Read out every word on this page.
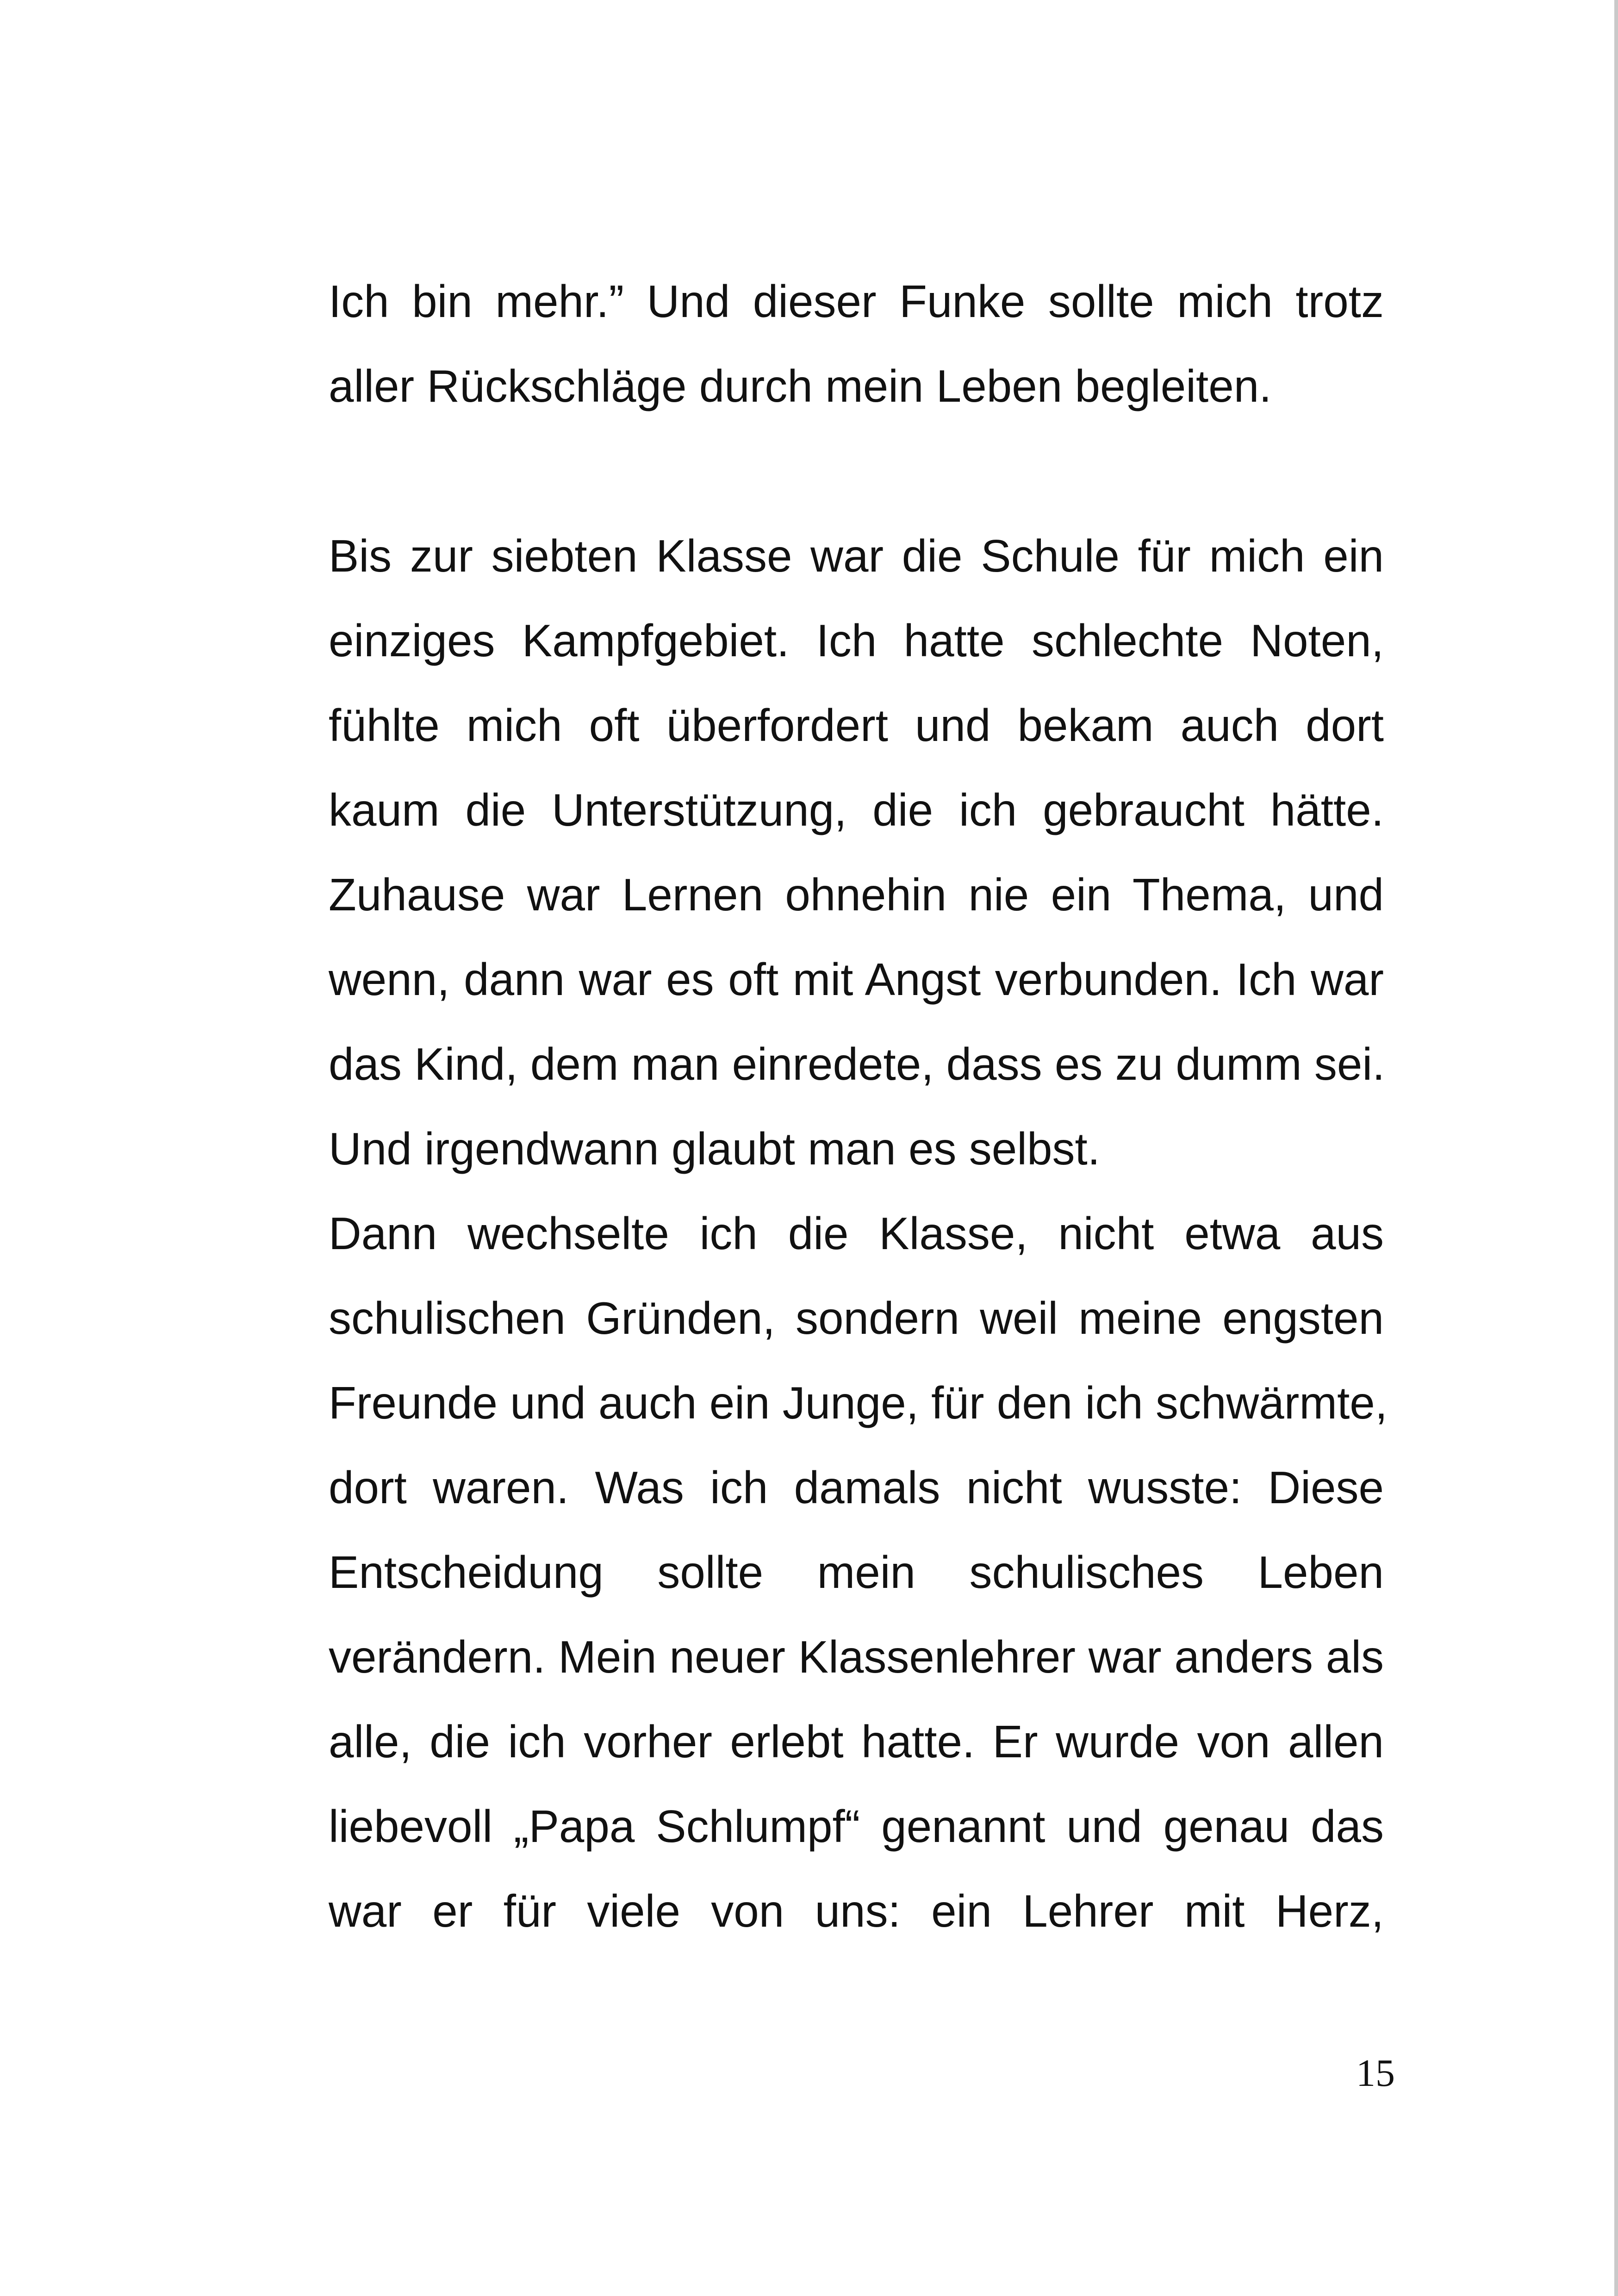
Ich bin mehr.” Und dieser Funke sollte mich trotz
aller Rückschläge durch mein Leben begleiten.
Bis zur siebten Klasse war die Schule für mich ein
einziges Kampfgebiet. Ich hatte schlechte Noten,
fühlte mich oft überfordert und bekam auch dort
kaum die Unterstützung, die ich gebraucht hätte.
Zuhause war Lernen ohnehin nie ein Thema, und
wenn, dann war es oft mit Angst verbunden. Ich war
das Kind, dem man einredete, dass es zu dumm sei.
Und irgendwann glaubt man es selbst.
Dann wechselte ich die Klasse, nicht etwa aus
schulischen Gründen, sondern weil meine engsten
Freunde und auch ein Junge, für den ich schwärmte,
dort waren. Was ich damals nicht wusste: Diese
Entscheidung sollte mein schulisches Leben
verändern. Mein neuer Klassenlehrer war anders als
alle, die ich vorher erlebt hatte. Er wurde von allen
liebevoll „Papa Schlumpf“ genannt und genau das
war er für viele von uns: ein Lehrer mit Herz,
15
